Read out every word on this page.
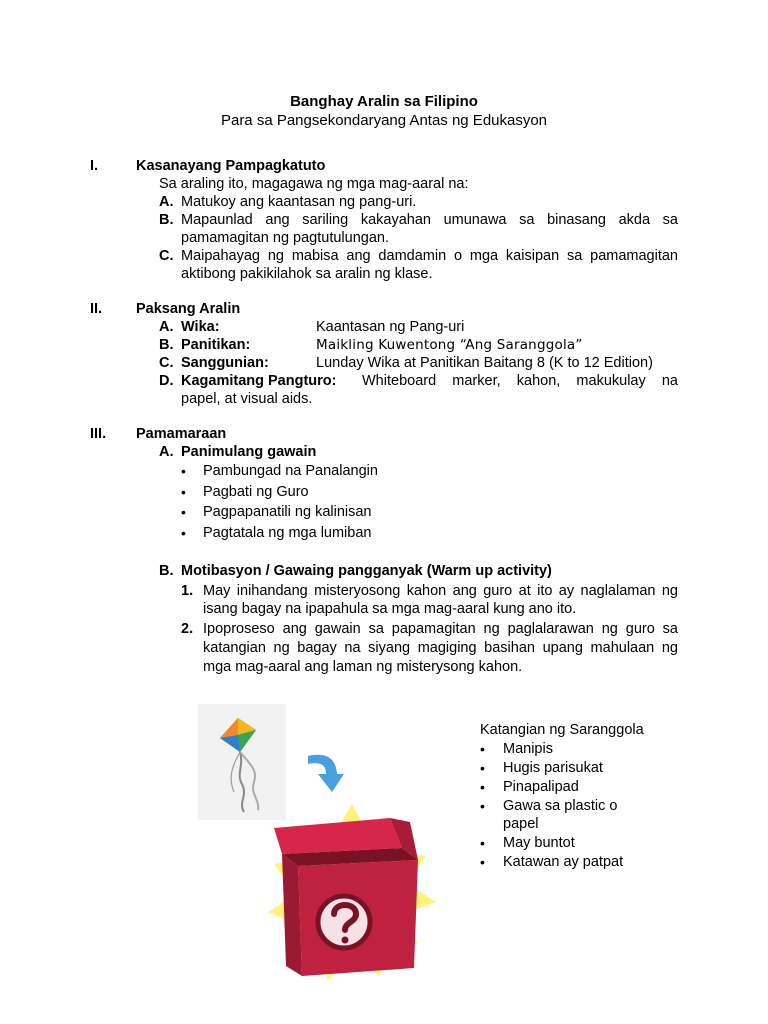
Banghay Aralin sa Filipino
Para sa Pangsekondaryang Antas ng Edukasyon
I.	Kasanayang Pampagkatuto
Sa araling ito, magagawa ng mga mag-aaral na:
A. Matukoy ang kaantasan ng pang-uri.
B. Mapaunlad ang sariling kakayahan umunawa sa binasang akda sa
pamamagitan ng pagtutulungan.
C. Maipahayag ng mabisa ang damdamin o mga kaisipan sa pamamagitan
aktibong pakikilahok sa aralin ng klase.
II. Paksang Aralin
A. Wika:	Kaantasan ng Pang-uri
B. Panitikan:	Maikling Kuwentong “Ang Saranggola”
C. Sanggunian:	Lunday Wika at Panitikan Baitang 8 (K to 12 Edition)
D. Kagamitang Pangturo: Whiteboard marker, kahon, makukulay na
papel, at visual aids.
III. Pamamaraan
A. Panimulang gawain
• Pambungad na Panalangin
• Pagbati ng Guro
• Pagpapanatili ng kalinisan
• Pagtatala ng mga lumiban
B. Motibasyon / Gawaing pangganyak (Warm up activity)
1. May inihandang misteryosong kahon ang guro at ito ay naglalaman ng
isang bagay na ipapahula sa mga mag-aaral kung ano ito.
2. Ipoproseso ang gawain sa papamagitan ng paglalarawan ng guro sa
katangian ng bagay na siyang magiging basihan upang mahulaan ng
mga mag-aaral ang laman ng misterysong kahon.
Katangian ng Saranggola
• Manipis
• Hugis parisukat
• Pinapalipad
• Gawa sa plastic o
papel
• May buntot
• Katawan ay patpat
